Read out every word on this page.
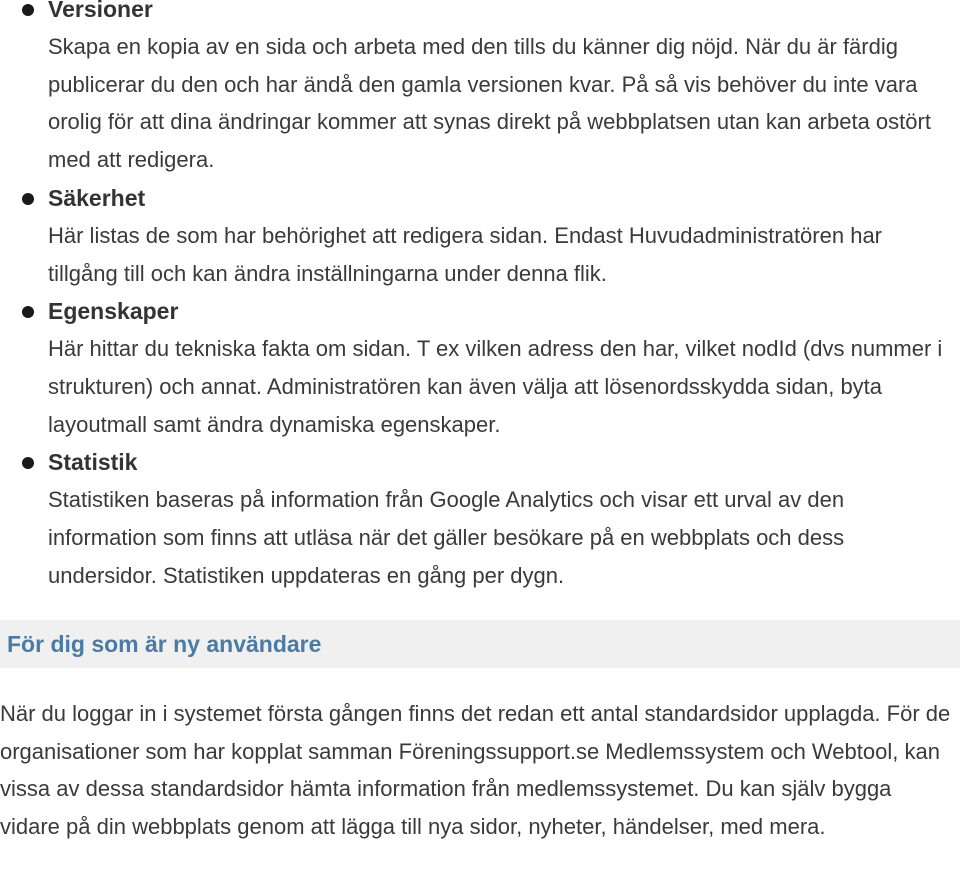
Versioner
Skapa en kopia av en sida och arbeta med den tills du känner dig nöjd. När du är färdig publicerar du den och har ändå den gamla versionen kvar. På så vis behöver du inte vara orolig för att dina ändringar kommer att synas direkt på webbplatsen utan kan arbeta ostört med att redigera.
Säkerhet
Här listas de som har behörighet att redigera sidan. Endast Huvudadministratören har tillgång till och kan ändra inställningarna under denna flik.
Egenskaper
Här hittar du tekniska fakta om sidan. T ex vilken adress den har, vilket nodId (dvs nummer i strukturen) och annat. Administratören kan även välja att lösenordsskydda sidan, byta layoutmall samt ändra dynamiska egenskaper.
Statistik
Statistiken baseras på information från Google Analytics och visar ett urval av den information som finns att utläsa när det gäller besökare på en webbplats och dess undersidor. Statistiken uppdateras en gång per dygn.
För dig som är ny användare

När du loggar in i systemet första gången finns det redan ett antal standardsidor upplagda. För de organisationer som har kopplat samman Föreningssupport.se Medlemssystem och Webtool, kan vissa av dessa standardsidor hämta information från medlemssystemet. Du kan själv bygga vidare på din webbplats genom att lägga till nya sidor, nyheter, händelser, med mera.
